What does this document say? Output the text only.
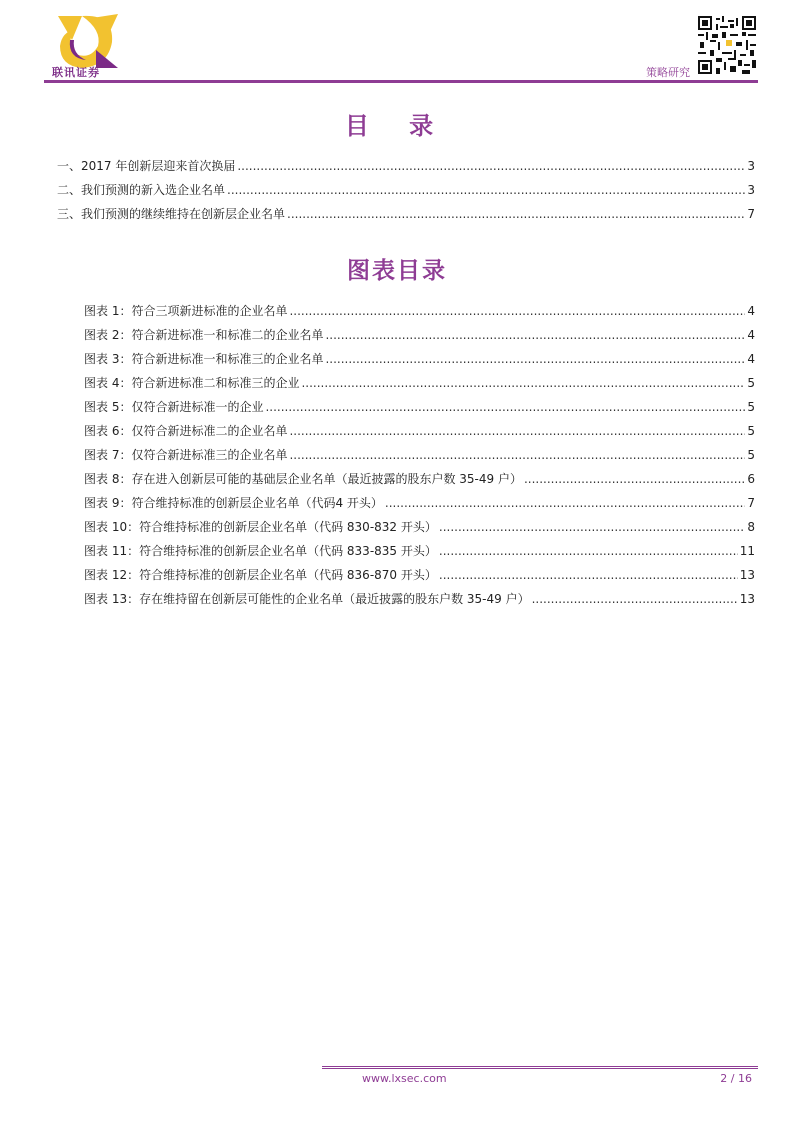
联讯证券	策略研究
目 录
一、2017 年创新层迎来首次换届 .....	3
二、我们预测的新入选企业名单 .....	3
三、我们预测的继续维持在创新层企业名单 .....	7
图表目录
图表 1： 符合三项新进标准的企业名单 .....	4
图表 2： 符合新进标准一和标准二的企业名单 .....	4
图表 3： 符合新进标准一和标准三的企业名单 .....	4
图表 4： 符合新进标准二和标准三的企业 .....	5
图表 5： 仅符合新进标准一的企业 .....	5
图表 6： 仅符合新进标准二的企业名单 .....	5
图表 7： 仅符合新进标准三的企业名单 .....	5
图表 8： 存在进入创新层可能的基础层企业名单（最近披露的股东户数 35-49 户） .....	6
图表 9： 符合维持标准的创新层企业名单（代码4 开头） .....	7
图表 10： 符合维持标准的创新层企业名单（代码 830-832 开头） .....	8
图表 11： 符合维持标准的创新层企业名单（代码 833-835 开头） .....	11
图表 12： 符合维持标准的创新层企业名单（代码 836-870 开头） .....	13
图表 13： 存在维持留在创新层可能性的企业名单（最近披露的股东户数 35-49 户） .....	13
www.lxsec.com	2 / 16
